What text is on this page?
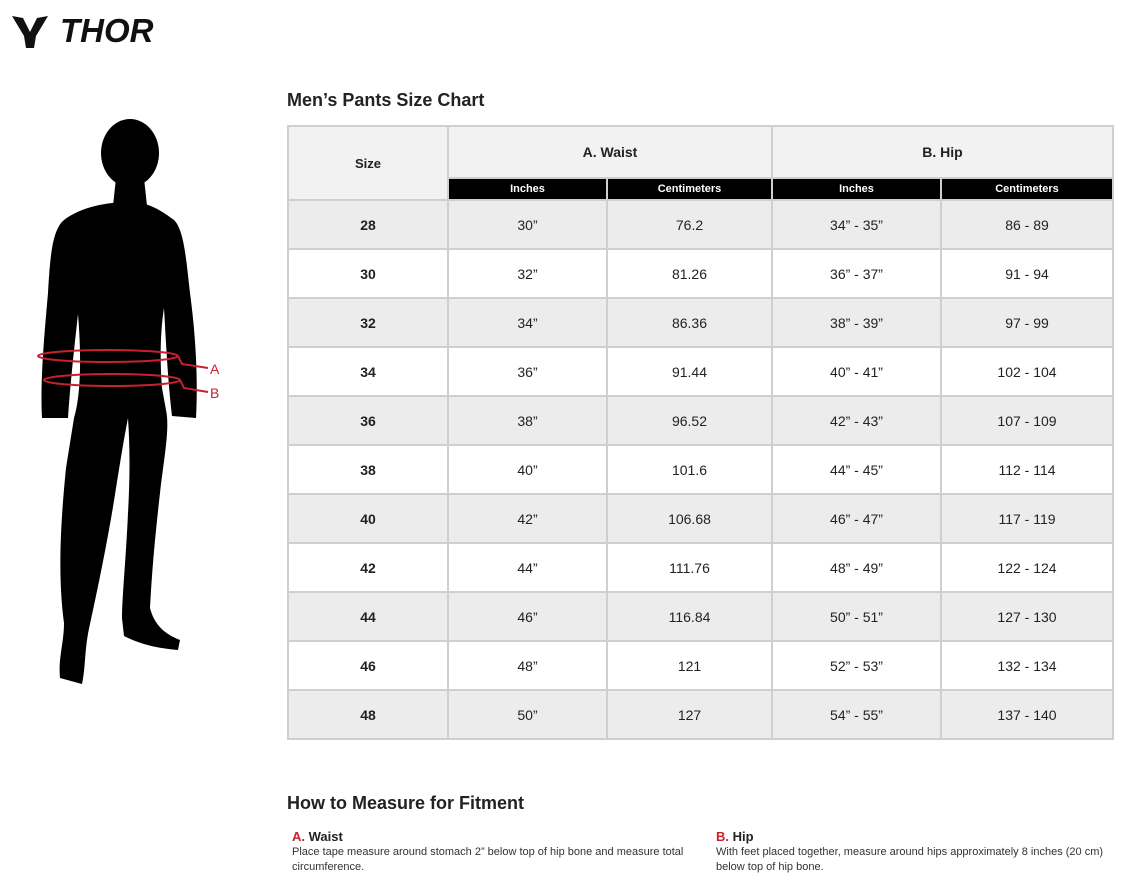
THOR
A
B
Men’s Pants Size Chart
Size	A. Waist		B. Hip	
	Inches	Centimeters	Inches	Centimeters
28	30”	76.2	34” - 35”	86 - 89
30	32”	81.26	36” - 37”	91 - 94
32	34”	86.36	38” - 39”	97 - 99
34	36”	91.44	40” - 41”	102 - 104
36	38”	96.52	42” - 43”	107 - 109
38	40”	101.6	44” - 45”	112 - 114
40	42”	106.68	46” - 47”	117 - 119
42	44”	111.76	48” - 49”	122 - 124
44	46”	116.84	50” - 51”	127 - 130
46	48”	121	52” - 53”	132 - 134
48	50”	127	54” - 55”	137 - 140
How to Measure for Fitment
A. Waist
Place tape measure around stomach 2” below top of hip bone and measure total circumference.
B. Hip
With feet placed together, measure around hips approximately 8 inches (20 cm) below top of hip bone.
